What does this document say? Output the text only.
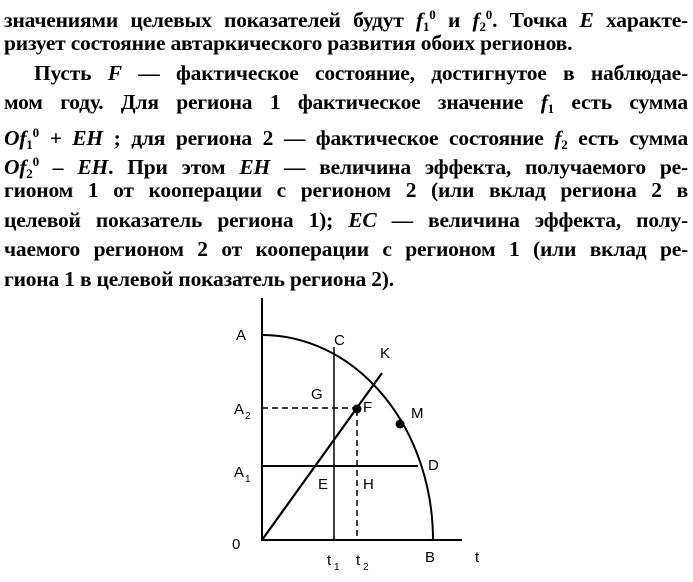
значениями целевых показателей будут $f_1^0$ и $f_2^0$. Точка E характе-
ризует состояние автаркического развития обоих регионов.
Пусть F — фактическое состояние, достигнутое в наблюдае-
мом году. Для региона 1 фактическое значение $f_1$ есть сумма
$Of_1^0$ + EH ; для региона 2 — фактическое состояние $f_2$ есть сумма
$Of_2^0$ – EH. При этом EH — величина эффекта, получаемого ре-
гионом 1 от кооперации с регионом 2 (или вклад региона 2 в
целевой показатель региона 1); EC — величина эффекта, полу-
чаемого регионом 2 от кооперации с регионом 1 (или вклад ре-
гиона 1 в целевой показатель региона 2).
A
A 2
A 1
0
C
K
G
F	M
D
E H
t 1 t 2
B	t
